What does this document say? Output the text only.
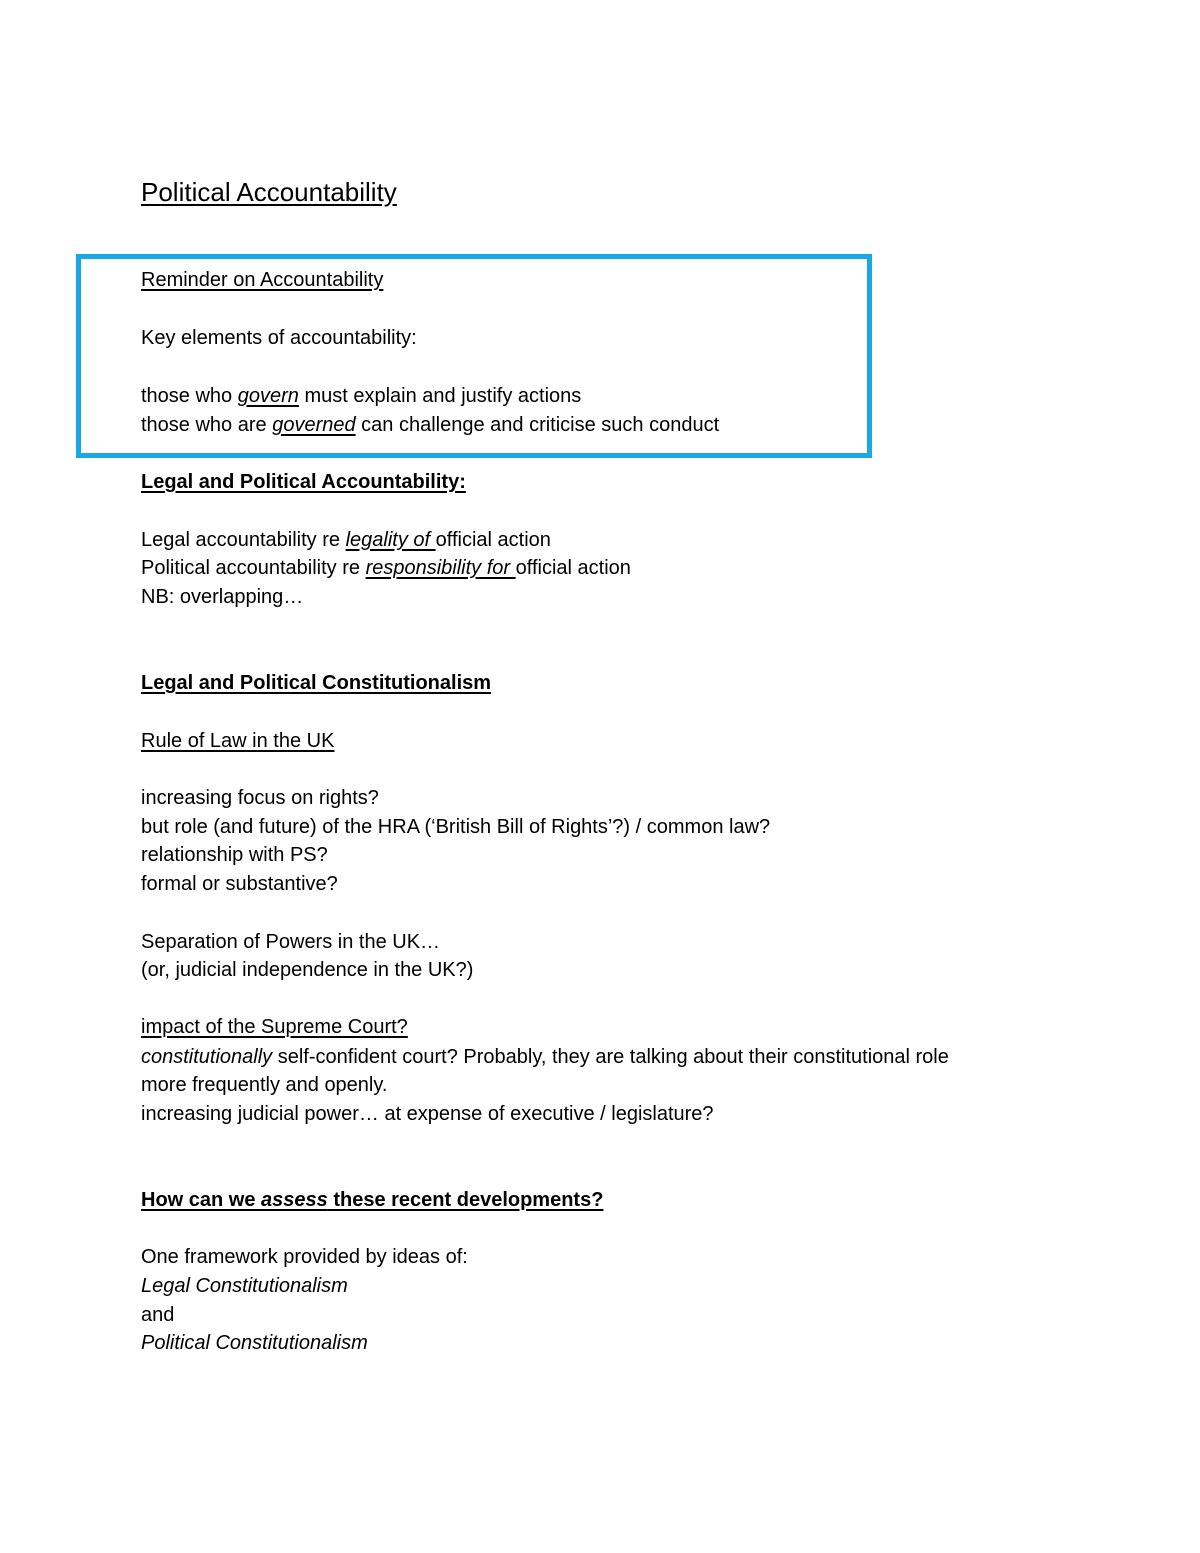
Political Accountability
Reminder on Accountability
Key elements of accountability:
those who govern must explain and justify actions
those who are governed can challenge and criticise such conduct
Legal and Political Accountability:
Legal accountability re legality of official action
Political accountability re responsibility for official action
NB: overlapping…
Legal and Political Constitutionalism
Rule of Law in the UK
increasing focus on rights?
but role (and future) of the HRA (‘British Bill of Rights’?) / common law?
relationship with PS?
formal or substantive?
Separation of Powers in the UK…
(or, judicial independence in the UK?)
impact of the Supreme Court?
constitutionally self-confident court? Probably, they are talking about their constitutional role
more frequently and openly.
increasing judicial power… at expense of executive / legislature?
How can we assess these recent developments?
One framework provided by ideas of:
Legal Constitutionalism
and
Political Constitutionalism
